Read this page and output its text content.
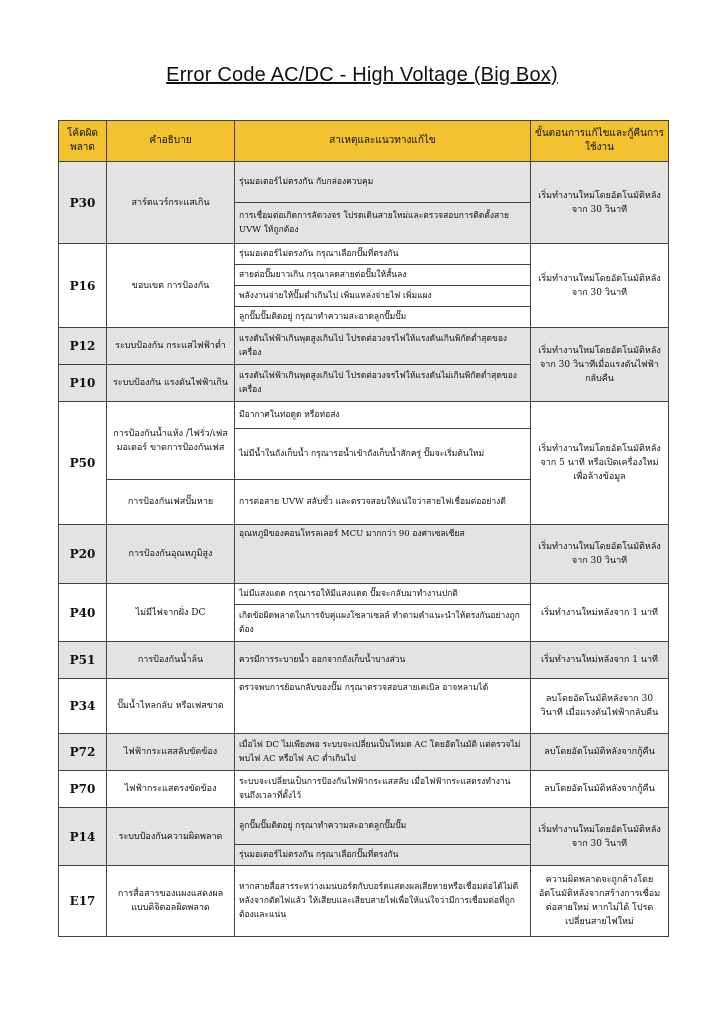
Error Code AC/DC - High Voltage (Big Box)
โค้ดผิดพลาด	คำอธิบาย	สาเหตุและแนวทางแก้ไข	ขั้นตอนการแก้ไขและกู้คืนการใช้งาน
P30	สาร์ตแวร์กระแสเกิน	รุ่นมอเตอร์ไม่ตรงกัน กับกล่องควบคุม	เริ่มทำงานใหม่โดยอัตโนมัติหลังจาก 30 วินาที
		การเชื่อมต่อเกิดการลัดวงจร โปรดเดินสายใหม่และตรวจสอบการติดตั้งสาย UVW ให้ถูกต้อง	
P16	ขอบเขต การป้องกัน	รุ่นมอเตอร์ไม่ตรงกัน กรุณาเลือกปั๊มที่ตรงกัน	เริ่มทำงานใหม่โดยอัตโนมัติหลังจาก 30 วินาที
		สายต่อปั๊มยาวเกิน กรุณาลดสายต่อปั๊มให้สั้นลง	
		พลังงานจ่ายให้ปั๊มต่ำเกินไป เพิ่มแหล่งจ่ายไฟ เพิ่มแผง	
		ลูกปั๊มปั๊มติดอยู่ กรุณาทำความสะอาดลูกปั๊มปั๊ม	
P12	ระบบป้องกัน กระแสไฟฟ้าต่ำ	แรงดันไฟฟ้าเกินพุดสูงเกินไป โปรดต่อวงจรไฟให้แรงดันเกินพิกัดต่ำสุดของเครื่อง	เริ่มทำงานใหม่โดยอัตโนมัติหลังจาก 30 วินาทีเมื่อแรงดันไฟฟ้ากลับคืน
P10	ระบบป้องกัน แรงดันไฟฟ้าเกิน	แรงดันไฟฟ้าเกินพุดสูงเกินไป โปรดต่อวงจรไฟให้แรงดันไม่เกินพิกัดต่ำสุดของเครื่อง	
P50	การป้องกันน้ำแห้ง /ไฟรั่ว/เฟสมอเตอร์ ขาดการป้องกันเฟส	มีอากาศในท่อดูด หรือท่อส่ง	เริ่มทำงานใหม่โดยอัตโนมัติหลังจาก 5 นาที หรือเปิดเครื่องใหม่เพื่อล้างข้อมูล
		ไม่มีน้ำในถังเก็บน้ำ กรุณารอน้ำเข้าถังเก็บน้ำสักครู่ ปั๊มจะเริ่มต้นใหม่	
	การป้องกันเฟสปั๊มหาย	การต่อสาย UVW สลับขั้ว และตรวจสอบให้แน่ใจว่าสายไฟเชื่อมต่ออย่างดี	
P20	การป้องกันอุณหภูมิสูง	อุณหภูมิของคอนโทรลเลอร์ MCU มากกว่า 90 องศาเซลเซียส	เริ่มทำงานใหม่โดยอัตโนมัติหลังจาก 30 วินาที
P40	ไม่มีไฟจากฝั่ง DC	ไม่มีแสงแดด กรุณารอให้มีแสงแดด ปั๊มจะกลับมาทำงานปกติ	เริ่มทำงานใหม่หลังจาก 1 นาที
		เกิดข้อผิดพลาดในการจับคู่แผงโซลาเซลล์ ทำตามคำแนะนำให้ตรงกันอย่างถูกต้อง	
P51	การป้องกันน้ำล้น	ควรมีการระบายน้ำ ออกจากถังเก็บน้ำบางส่วน	เริ่มทำงานใหม่หลังจาก 1 นาที
P34	ปั๊มน้ำไหลกลับ หรือเฟสขาด	ตรวจพบการย้อนกลับของปั๊ม กรุณาตรวจสอบสายเคเบิล อาจหลามได้	ลบโดยอัตโนมัติหลังจาก 30 วินาที เมื่อแรงดันไฟฟ้ากลับคืน
P72	ไฟฟ้ากระแสสลับขัดข้อง	เมื่อไฟ DC ไม่เพียงพอ ระบบจะเปลี่ยนเป็นโหมด AC โดยอัตโนมัติ แต่ตรวจไม่พบไฟ AC หรือไฟ AC ต่ำเกินไป	ลบโดยอัตโนมัติหลังจากกู้คืน
P70	ไฟฟ้ากระแสตรงขัดข้อง	ระบบจะเปลี่ยนเป็นการป้องกันไฟฟ้ากระแสสลับ เมื่อไฟฟ้ากระแสตรงทำงาน จนถึงเวลาที่ตั้งไว้	ลบโดยอัตโนมัติหลังจากกู้คืน
P14	ระบบป้องกันความผิดพลาด	ลูกปั๊มปั๊มติดอยู่ กรุณาทำความสะอาดลูกปั๊มปั๊ม	เริ่มทำงานใหม่โดยอัตโนมัติหลังจาก 30 วินาที
		รุ่นมอเตอร์ไม่ตรงกัน กรุณาเลือกปั๊มที่ตรงกัน	
E17	การสื่อสารของแผงแสดงผลแบบดิจิตอลผิดพลาด	หากสายสื่อสารระหว่างเมนบอร์ดกับบอร์ดแสดงผลเสียหายหรือเชื่อมต่อได้ไม่ดีหลังจากตัดไฟแล้ว ให้เสียบและเสียบสายไฟเพื่อให้แน่ใจว่ามีการเชื่อมต่อที่ถูกต้องและแน่น	ความผิดพลาดจะถูกล้างโดยอัตโนมัติหลังจากสร้างการเชื่อมต่อสายใหม่ หากไม่ได้ โปรดเปลี่ยนสายไฟใหม่
